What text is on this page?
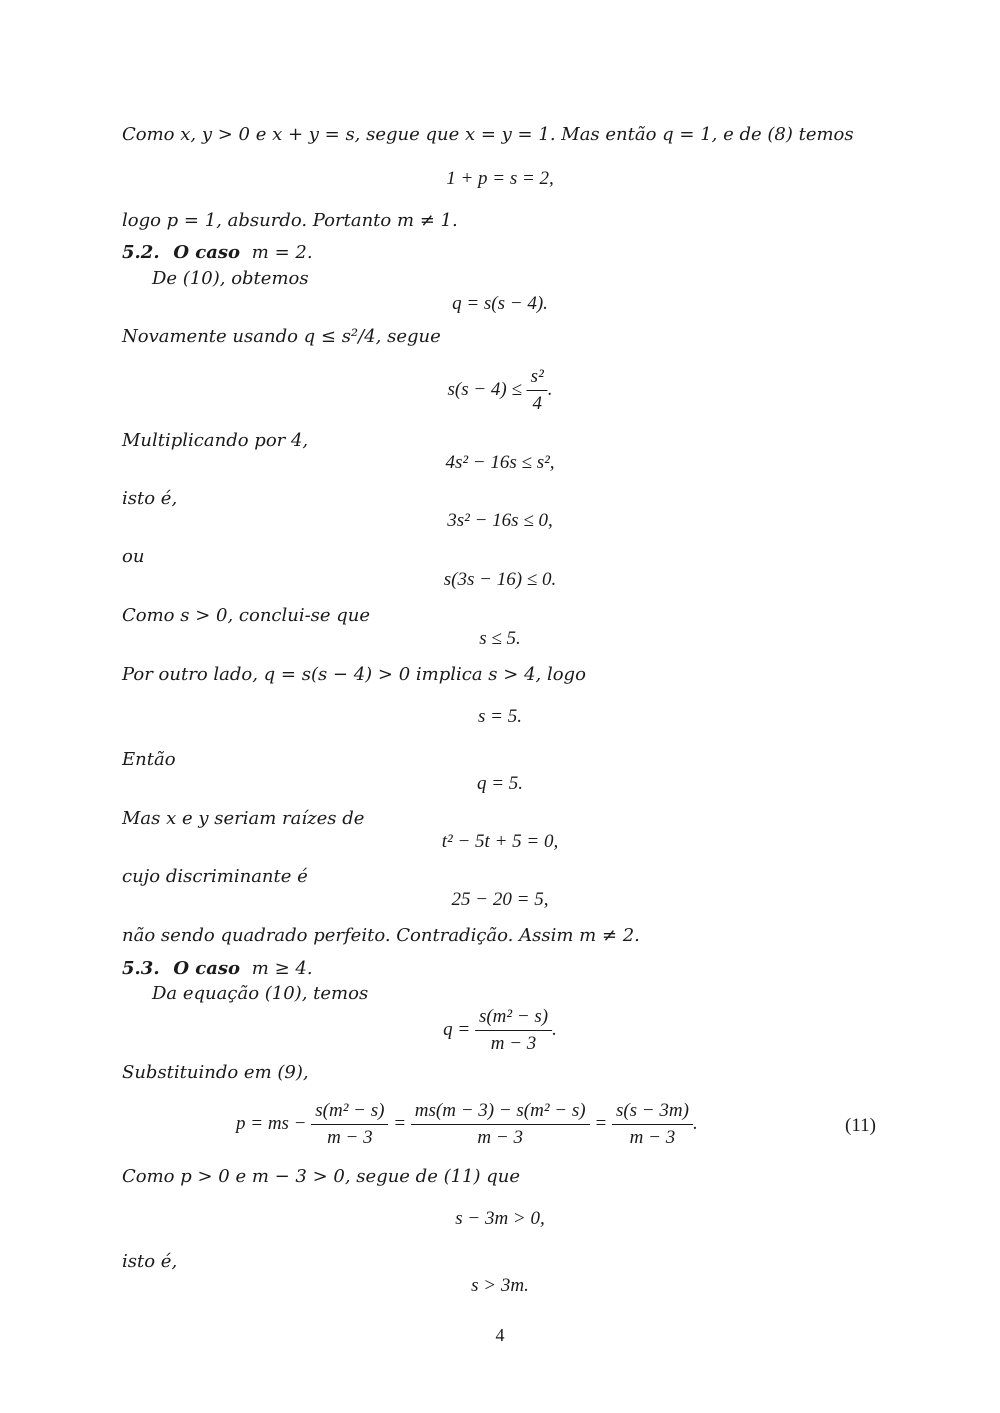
Como x, y > 0 e x + y = s, segue que x = y = 1. Mas então q = 1, e de (8) temos
1 + p = s = 2,
logo p = 1, absurdo. Portanto m ≠ 1.
5.2. O caso m = 2.
De (10), obtemos
q = s(s − 4).
Novamente usando q ≤ s²/4, segue
$s(s - 4) \le \frac{\text{s²}}{4}$ .
Multiplicando por 4,
4s² − 16s ≤ s²,
isto é,
3s² − 16s ≤ 0,
ou
s(3s − 16) ≤ 0.
Como s > 0, conclui-se que
s ≤ 5.
Por outro lado, q = s(s − 4) > 0 implica s > 4, logo
s = 5.
Então
q = 5.
Mas x e y seriam raízes de
t² − 5t + 5 = 0,
cujo discriminante é
25 − 20 = 5,
não sendo quadrado perfeito. Contradição. Assim m ≠ 2.
5.3. O caso m ≥ 4.
Da equação (10), temos
$q = \frac{\text{s(m² − s)}}{m - 3}$ .
Substituindo em (9),
p = ms − $\frac{\text{s(m² − s)}}{m - 3} = \frac{\text{ms(m − 3) − s(m² − s)}}{m - 3} = \frac{s(s - 3m)}{m - 3}$ .	(11)
Como p > 0 e m − 3 > 0, segue de (11) que
s − 3m > 0,
isto é,
s > 3m.
4
